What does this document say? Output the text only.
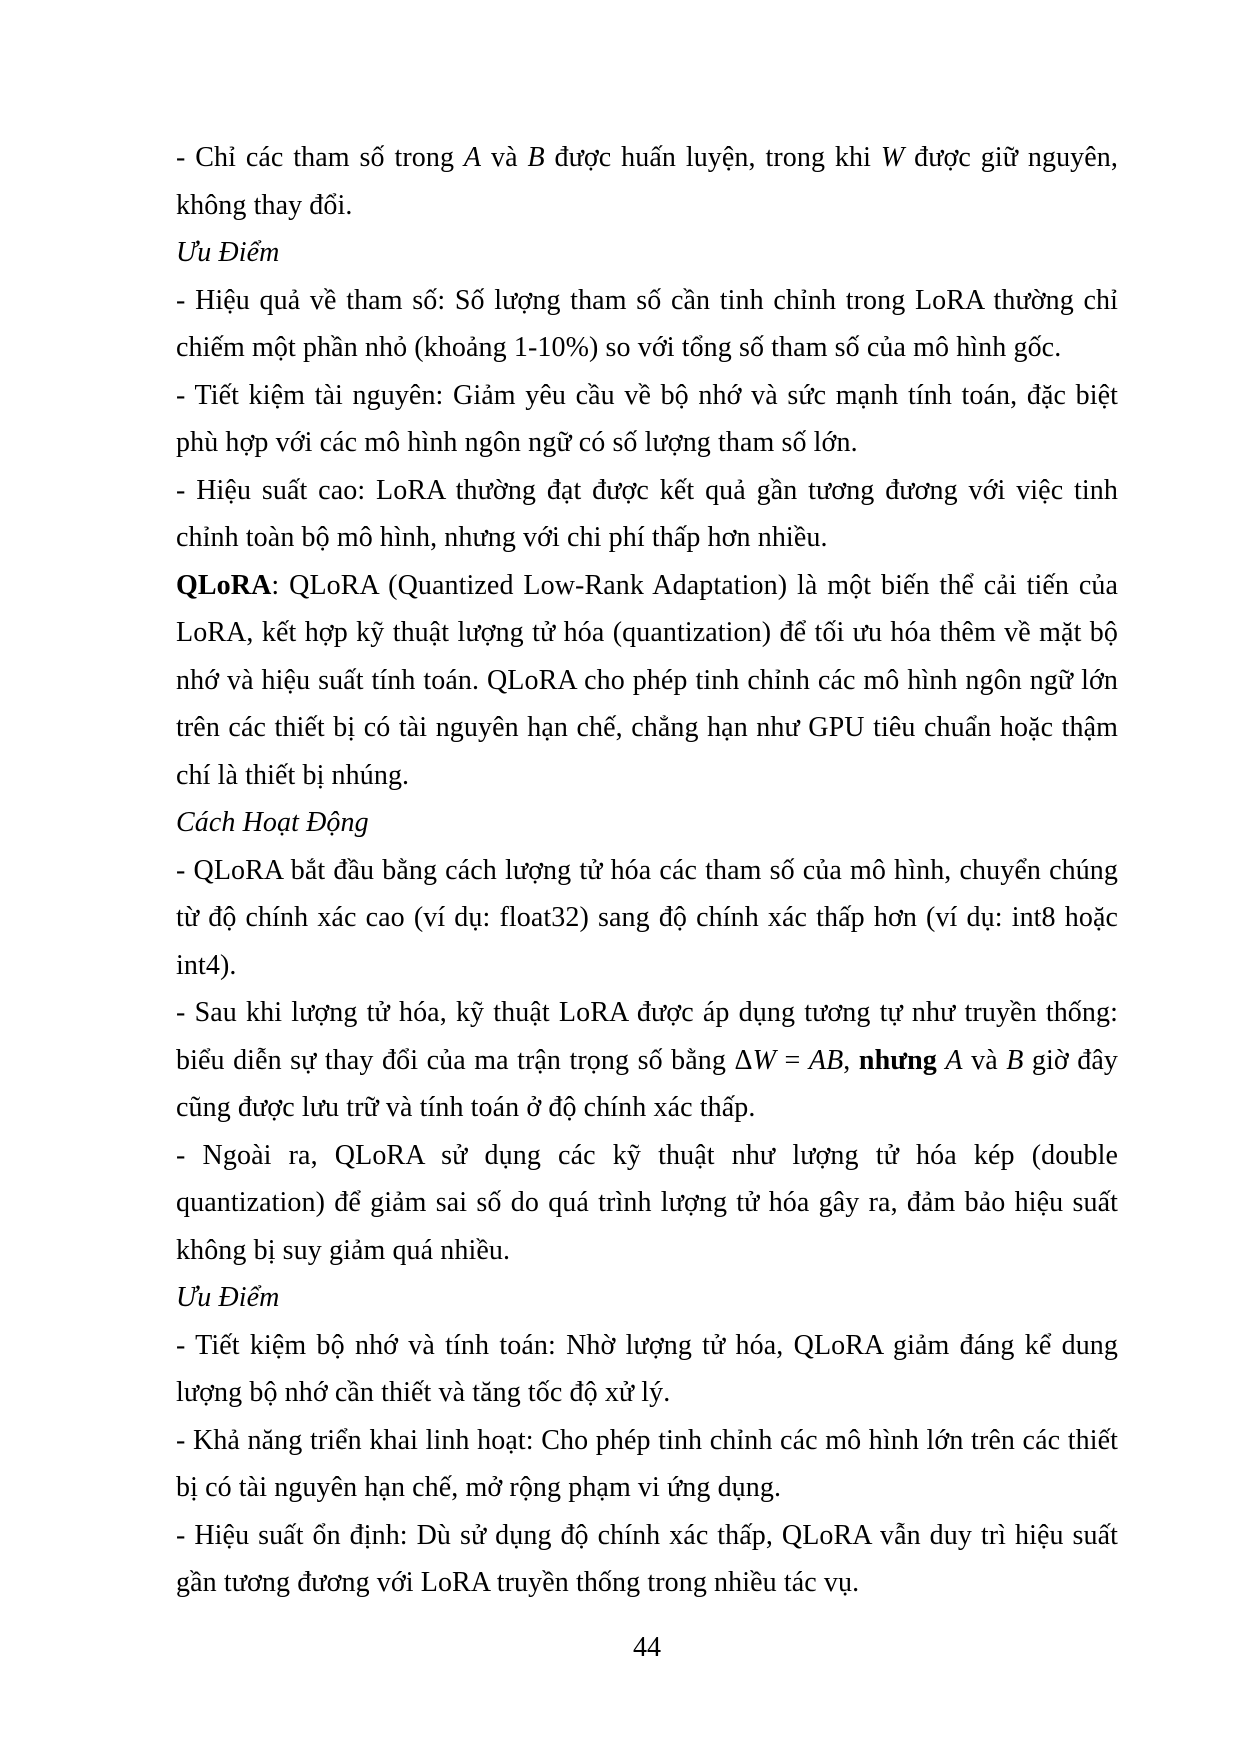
- Chỉ các tham số trong A và B được huấn luyện, trong khi W được giữ nguyên, không thay đổi.

Ưu Điểm

- Hiệu quả về tham số: Số lượng tham số cần tinh chỉnh trong LoRA thường chỉ chiếm một phần nhỏ (khoảng 1-10%) so với tổng số tham số của mô hình gốc.

- Tiết kiệm tài nguyên: Giảm yêu cầu về bộ nhớ và sức mạnh tính toán, đặc biệt phù hợp với các mô hình ngôn ngữ có số lượng tham số lớn.

- Hiệu suất cao: LoRA thường đạt được kết quả gần tương đương với việc tinh chỉnh toàn bộ mô hình, nhưng với chi phí thấp hơn nhiều.

QLoRA: QLoRA (Quantized Low-Rank Adaptation) là một biến thể cải tiến của LoRA, kết hợp kỹ thuật lượng tử hóa (quantization) để tối ưu hóa thêm về mặt bộ nhớ và hiệu suất tính toán. QLoRA cho phép tinh chỉnh các mô hình ngôn ngữ lớn trên các thiết bị có tài nguyên hạn chế, chẳng hạn như GPU tiêu chuẩn hoặc thậm chí là thiết bị nhúng.

Cách Hoạt Động

- QLoRA bắt đầu bằng cách lượng tử hóa các tham số của mô hình, chuyển chúng từ độ chính xác cao (ví dụ: float32) sang độ chính xác thấp hơn (ví dụ: int8 hoặc int4).

- Sau khi lượng tử hóa, kỹ thuật LoRA được áp dụng tương tự như truyền thống: biểu diễn sự thay đổi của ma trận trọng số bằng ΔW = AB, nhưng A và B giờ đây cũng được lưu trữ và tính toán ở độ chính xác thấp.

- Ngoài ra, QLoRA sử dụng các kỹ thuật như lượng tử hóa kép (double quantization) để giảm sai số do quá trình lượng tử hóa gây ra, đảm bảo hiệu suất không bị suy giảm quá nhiều.

Ưu Điểm

- Tiết kiệm bộ nhớ và tính toán: Nhờ lượng tử hóa, QLoRA giảm đáng kể dung lượng bộ nhớ cần thiết và tăng tốc độ xử lý.

- Khả năng triển khai linh hoạt: Cho phép tinh chỉnh các mô hình lớn trên các thiết bị có tài nguyên hạn chế, mở rộng phạm vi ứng dụng.

- Hiệu suất ổn định: Dù sử dụng độ chính xác thấp, QLoRA vẫn duy trì hiệu suất gần tương đương với LoRA truyền thống trong nhiều tác vụ.

44
